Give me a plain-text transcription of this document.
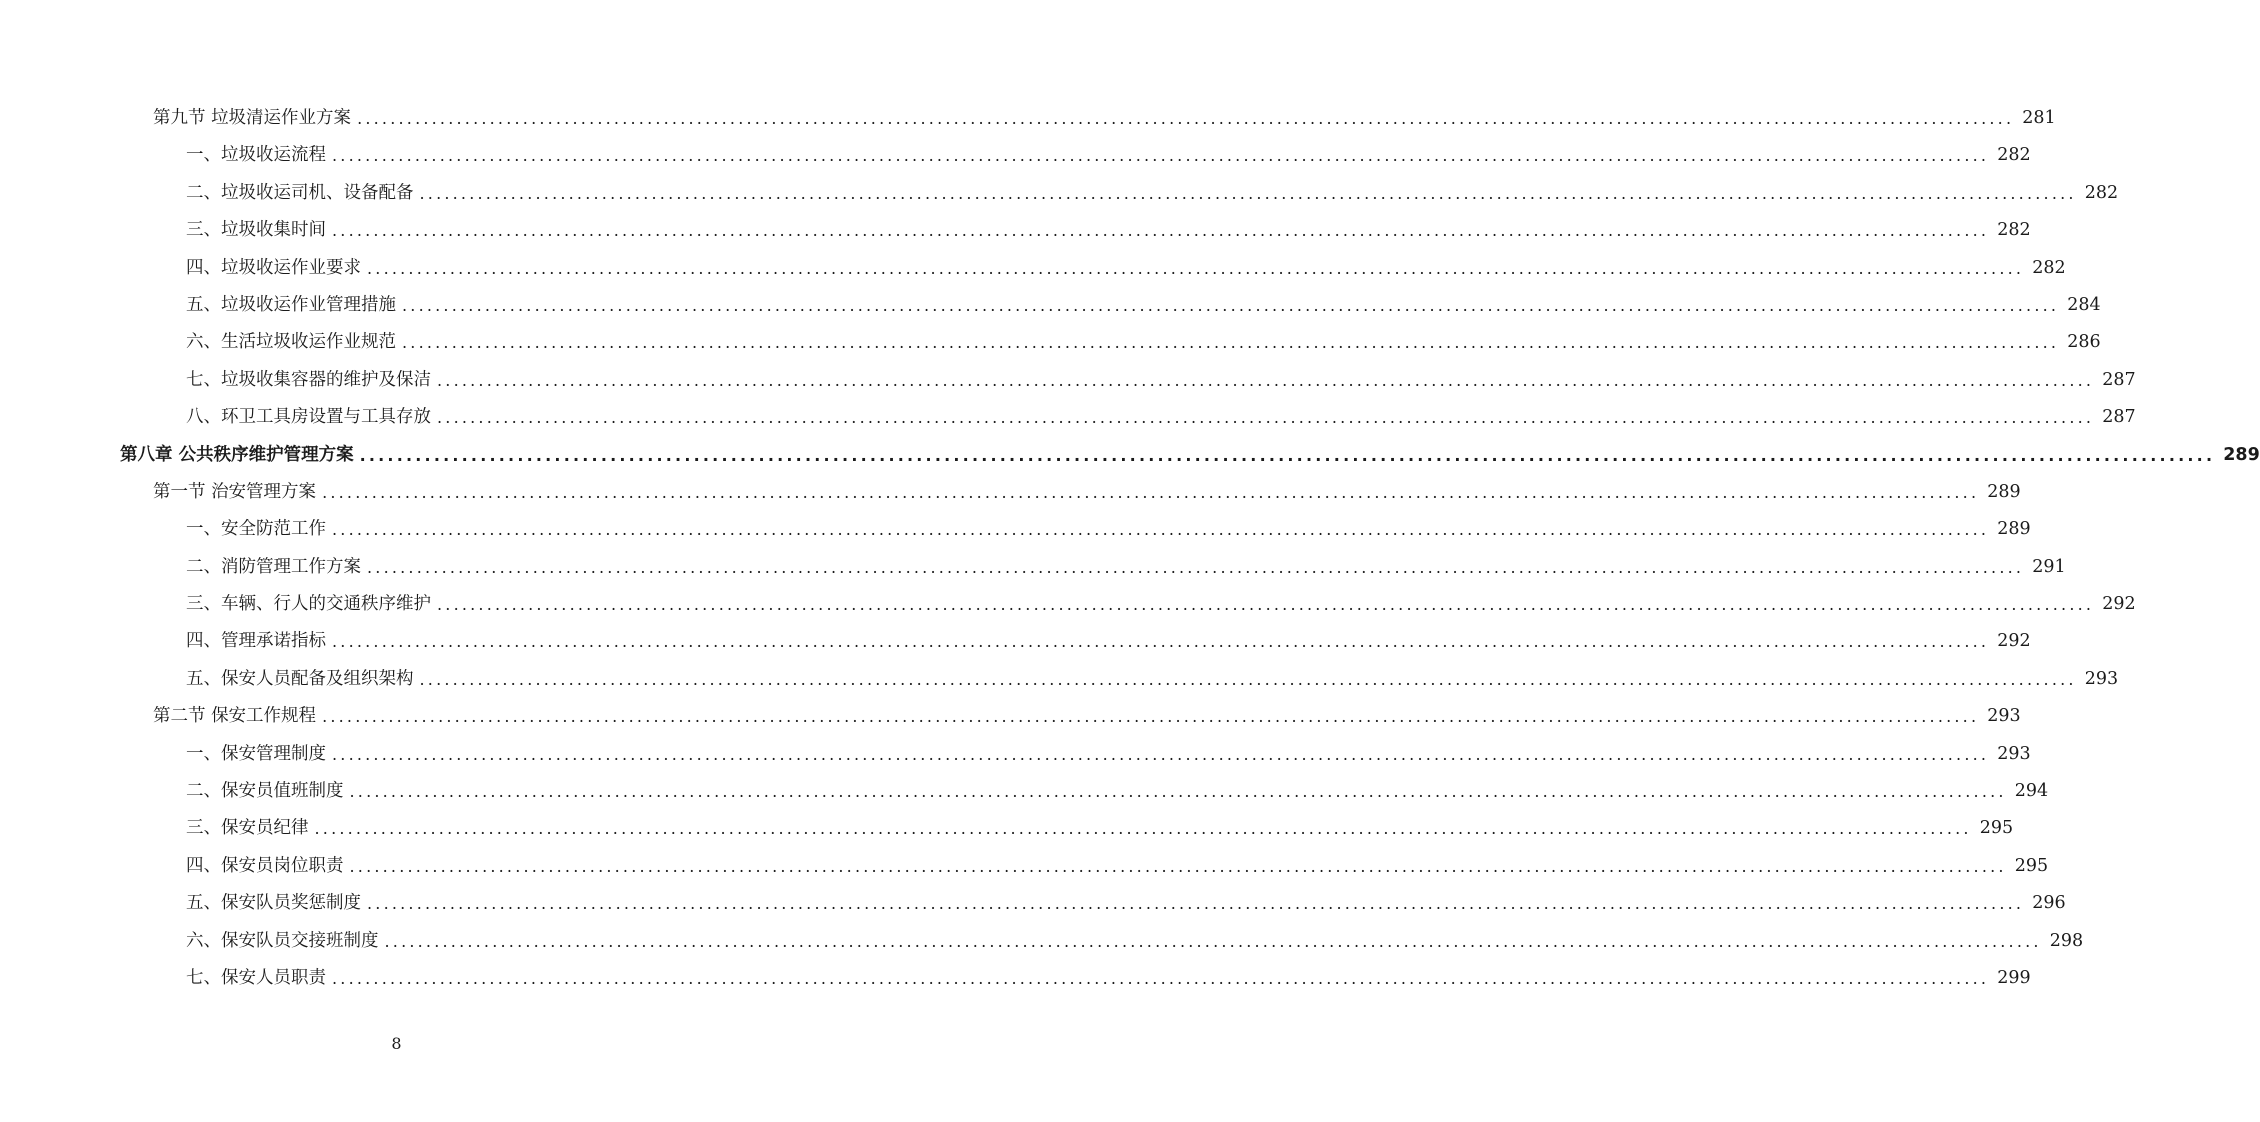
第九节 垃圾清运作业方案 ........................................................................................................................................................................................................ 281
一、垃圾收运流程 ........................................................................................................................................................................................................ 282
二、垃圾收运司机、设备配备 ........................................................................................................................................................................................................ 282
三、垃圾收集时间 ........................................................................................................................................................................................................ 282
四、垃圾收运作业要求 ........................................................................................................................................................................................................ 282
五、垃圾收运作业管理措施 ........................................................................................................................................................................................................ 284
六、生活垃圾收运作业规范 ........................................................................................................................................................................................................ 286
七、垃圾收集容器的维护及保洁 ........................................................................................................................................................................................................ 287
八、环卫工具房设置与工具存放 ........................................................................................................................................................................................................ 287
第八章 公共秩序维护管理方案 ........................................................................................................................................................................................................ 289
第一节 治安管理方案 ........................................................................................................................................................................................................ 289
一、安全防范工作 ........................................................................................................................................................................................................ 289
二、消防管理工作方案 ........................................................................................................................................................................................................ 291
三、车辆、行人的交通秩序维护 ........................................................................................................................................................................................................ 292
四、管理承诺指标 ........................................................................................................................................................................................................ 292
五、保安人员配备及组织架构 ........................................................................................................................................................................................................ 293
第二节 保安工作规程 ........................................................................................................................................................................................................ 293
一、保安管理制度 ........................................................................................................................................................................................................ 293
二、保安员值班制度 ........................................................................................................................................................................................................ 294
三、保安员纪律 ........................................................................................................................................................................................................ 295
四、保安员岗位职责 ........................................................................................................................................................................................................ 295
五、保安队员奖惩制度 ........................................................................................................................................................................................................ 296
六、保安队员交接班制度 ........................................................................................................................................................................................................ 298
七、保安人员职责 ........................................................................................................................................................................................................ 299
8
